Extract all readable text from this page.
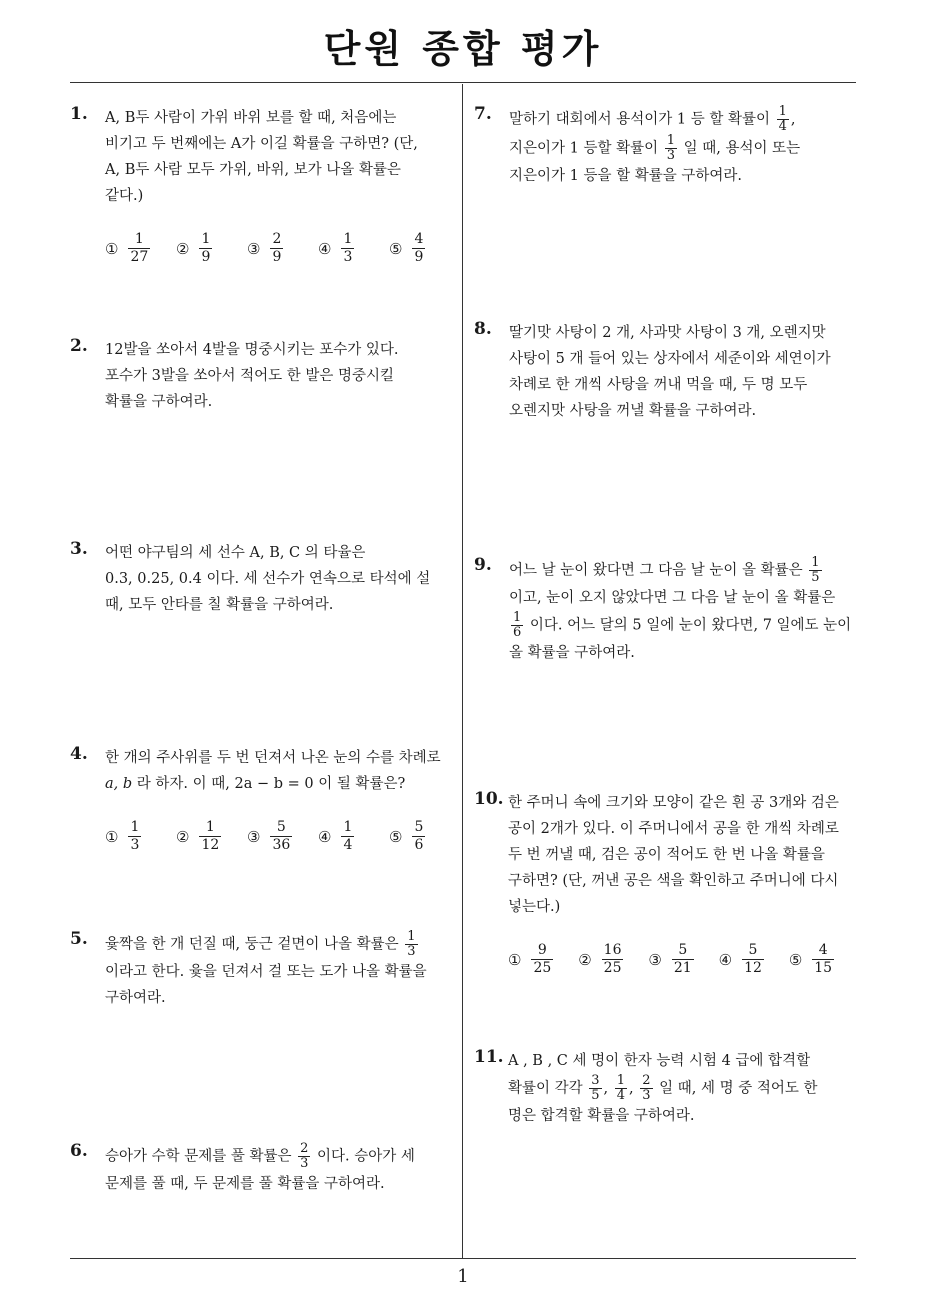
단원 종합 평가
1. A, B두 사람이 가위 바위 보를 할 때, 처음에는

비기고 두 번째에는 A가 이길 확률을 구하면? (단,

A, B두 사람 모두 가위, 바위, 보가 나올 확률은

같다.)

① $\frac{1}{27}$ ② $\frac{1}{9}$ ③ $\frac{2}{9}$ ④ $\frac{1}{3}$ ⑤ $\frac{4}{9}$
2. 12발을 쏘아서 4발을 명중시키는 포수가 있다.

포수가 3발을 쏘아서 적어도 한 발은 명중시킬

확률을 구하여라.

3. 어떤 야구팀의 세 선수 A, B, C 의 타율은

0.3, 0.25, 0.4 이다. 세 선수가 연속으로 타석에 설

때, 모두 안타를 칠 확률을 구하여라.

4. 한 개의 주사위를 두 번 던져서 나온 눈의 수를 차례로

a, b 라 하자. 이 때, 2a − b = 0 이 될 확률은?

① $\frac{1}{3}$ ② $\frac{1}{12}$ ③ $\frac{5}{36}$ ④ $\frac{1}{4}$ ⑤ $\frac{5}{6}$
5. 윷짝을 한 개 던질 때, 둥근 겉면이 나올 확률은 $\frac{1}{3}$

이라고 한다. 윷을 던져서 걸 또는 도가 나올 확률을

구하여라.

6. 승아가 수학 문제를 풀 확률은 $\frac{2}{3}$ 이다. 승아가 세

문제를 풀 때, 두 문제를 풀 확률을 구하여라.

7. 말하기 대회에서 용석이가 1 등 할 확률이 $\frac{1}{4}$ ,

지은이가 1 등할 확률이 $\frac{1}{3}$ 일 때, 용석이 또는

지은이가 1 등을 할 확률을 구하여라.

8. 딸기맛 사탕이 2 개, 사과맛 사탕이 3 개, 오렌지맛

사탕이 5 개 들어 있는 상자에서 세준이와 세연이가

차례로 한 개씩 사탕을 꺼내 먹을 때, 두 명 모두

오렌지맛 사탕을 꺼낼 확률을 구하여라.

9. 어느 날 눈이 왔다면 그 다음 날 눈이 올 확률은 $\frac{1}{5}$

이고, 눈이 오지 않았다면 그 다음 날 눈이 올 확률은

$\frac{1}{6}$ 이다. 어느 달의 5 일에 눈이 왔다면, 7 일에도 눈이

올 확률을 구하여라.

10. 한 주머니 속에 크기와 모양이 같은 흰 공 3개와 검은

공이 2개가 있다. 이 주머니에서 공을 한 개씩 차례로

두 번 꺼낼 때, 검은 공이 적어도 한 번 나올 확률을

구하면? (단, 꺼낸 공은 색을 확인하고 주머니에 다시

넣는다.)

① $\frac{9}{25}$ ② $\frac{16}{25}$ ③ $\frac{5}{21}$ ④ $\frac{5}{12}$ ⑤ $\frac{4}{15}$
11. A , B , C 세 명이 한자 능력 시험 4 급에 합격할

확률이 각각 $\frac{3}{5}$ , $\frac{1}{4}$ , $\frac{2}{3}$ 일 때, 세 명 중 적어도 한

명은 합격할 확률을 구하여라.

1
